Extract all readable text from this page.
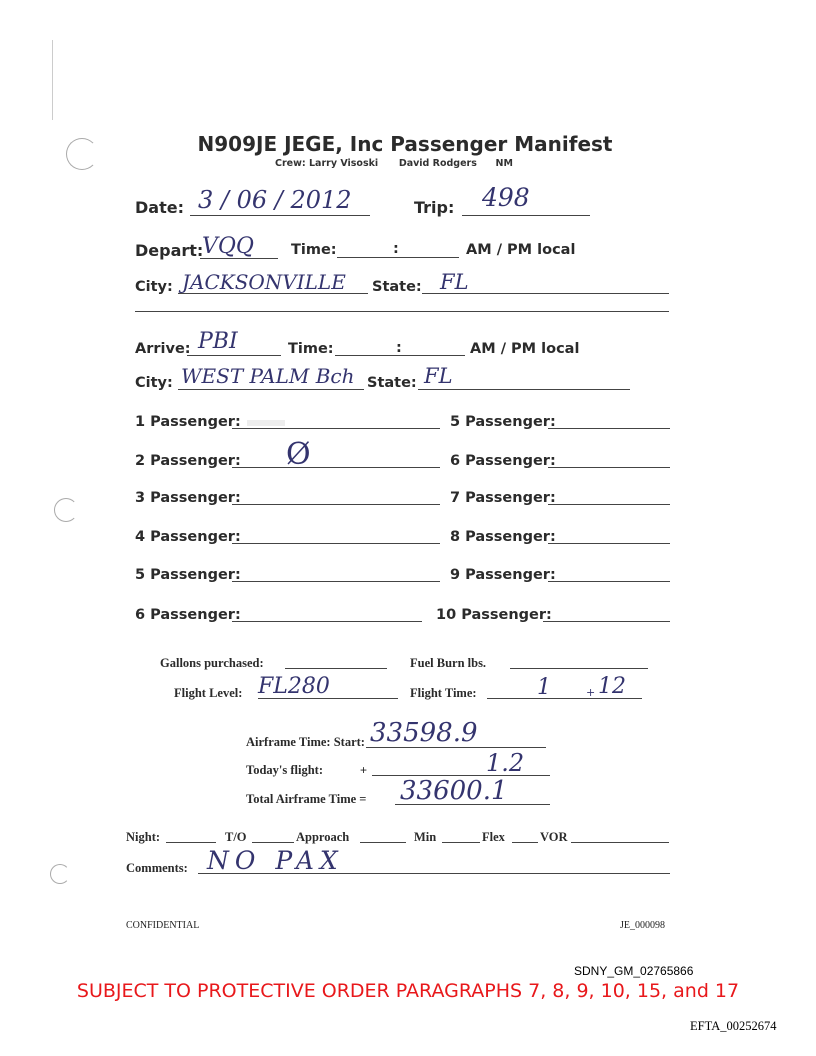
N909JE JEGE, Inc Passenger Manifest
Crew: Larry Visoski David Rodgers NM
Date: 3 / 06 / 2012	Trip: 498
Depart:
VQQ	Time:	:	AM / PM local
City: JACKSONVILLE State: FL
Arrive: PBI	Time:	:	AM / PM local
City: WEST PALM Bch State: FL
1 Passenger:	5 Passenger:
2 Passenger: Ø	6 Passenger:
3 Passenger:	7 Passenger:
4 Passenger:	8 Passenger:
5 Passenger:	9 Passenger:
6 Passenger:	10 Passenger:
Gallons purchased:	Fuel Burn lbs.
Flight Level: FL280	Flight Time:	1	+ 12
Airframe Time: Start: 33598.9
Today's flight:	+	1.2
Total Airframe Time = 33600.1
Night:	T/O	Approach	Min	Flex	VOR
Comments: NO PAX
CONFIDENTIAL	JE_000098
SDNY_GM_02765866
SUBJECT TO PROTECTIVE ORDER PARAGRAPHS 7, 8, 9, 10, 15, and 17
EFTA_00252674
